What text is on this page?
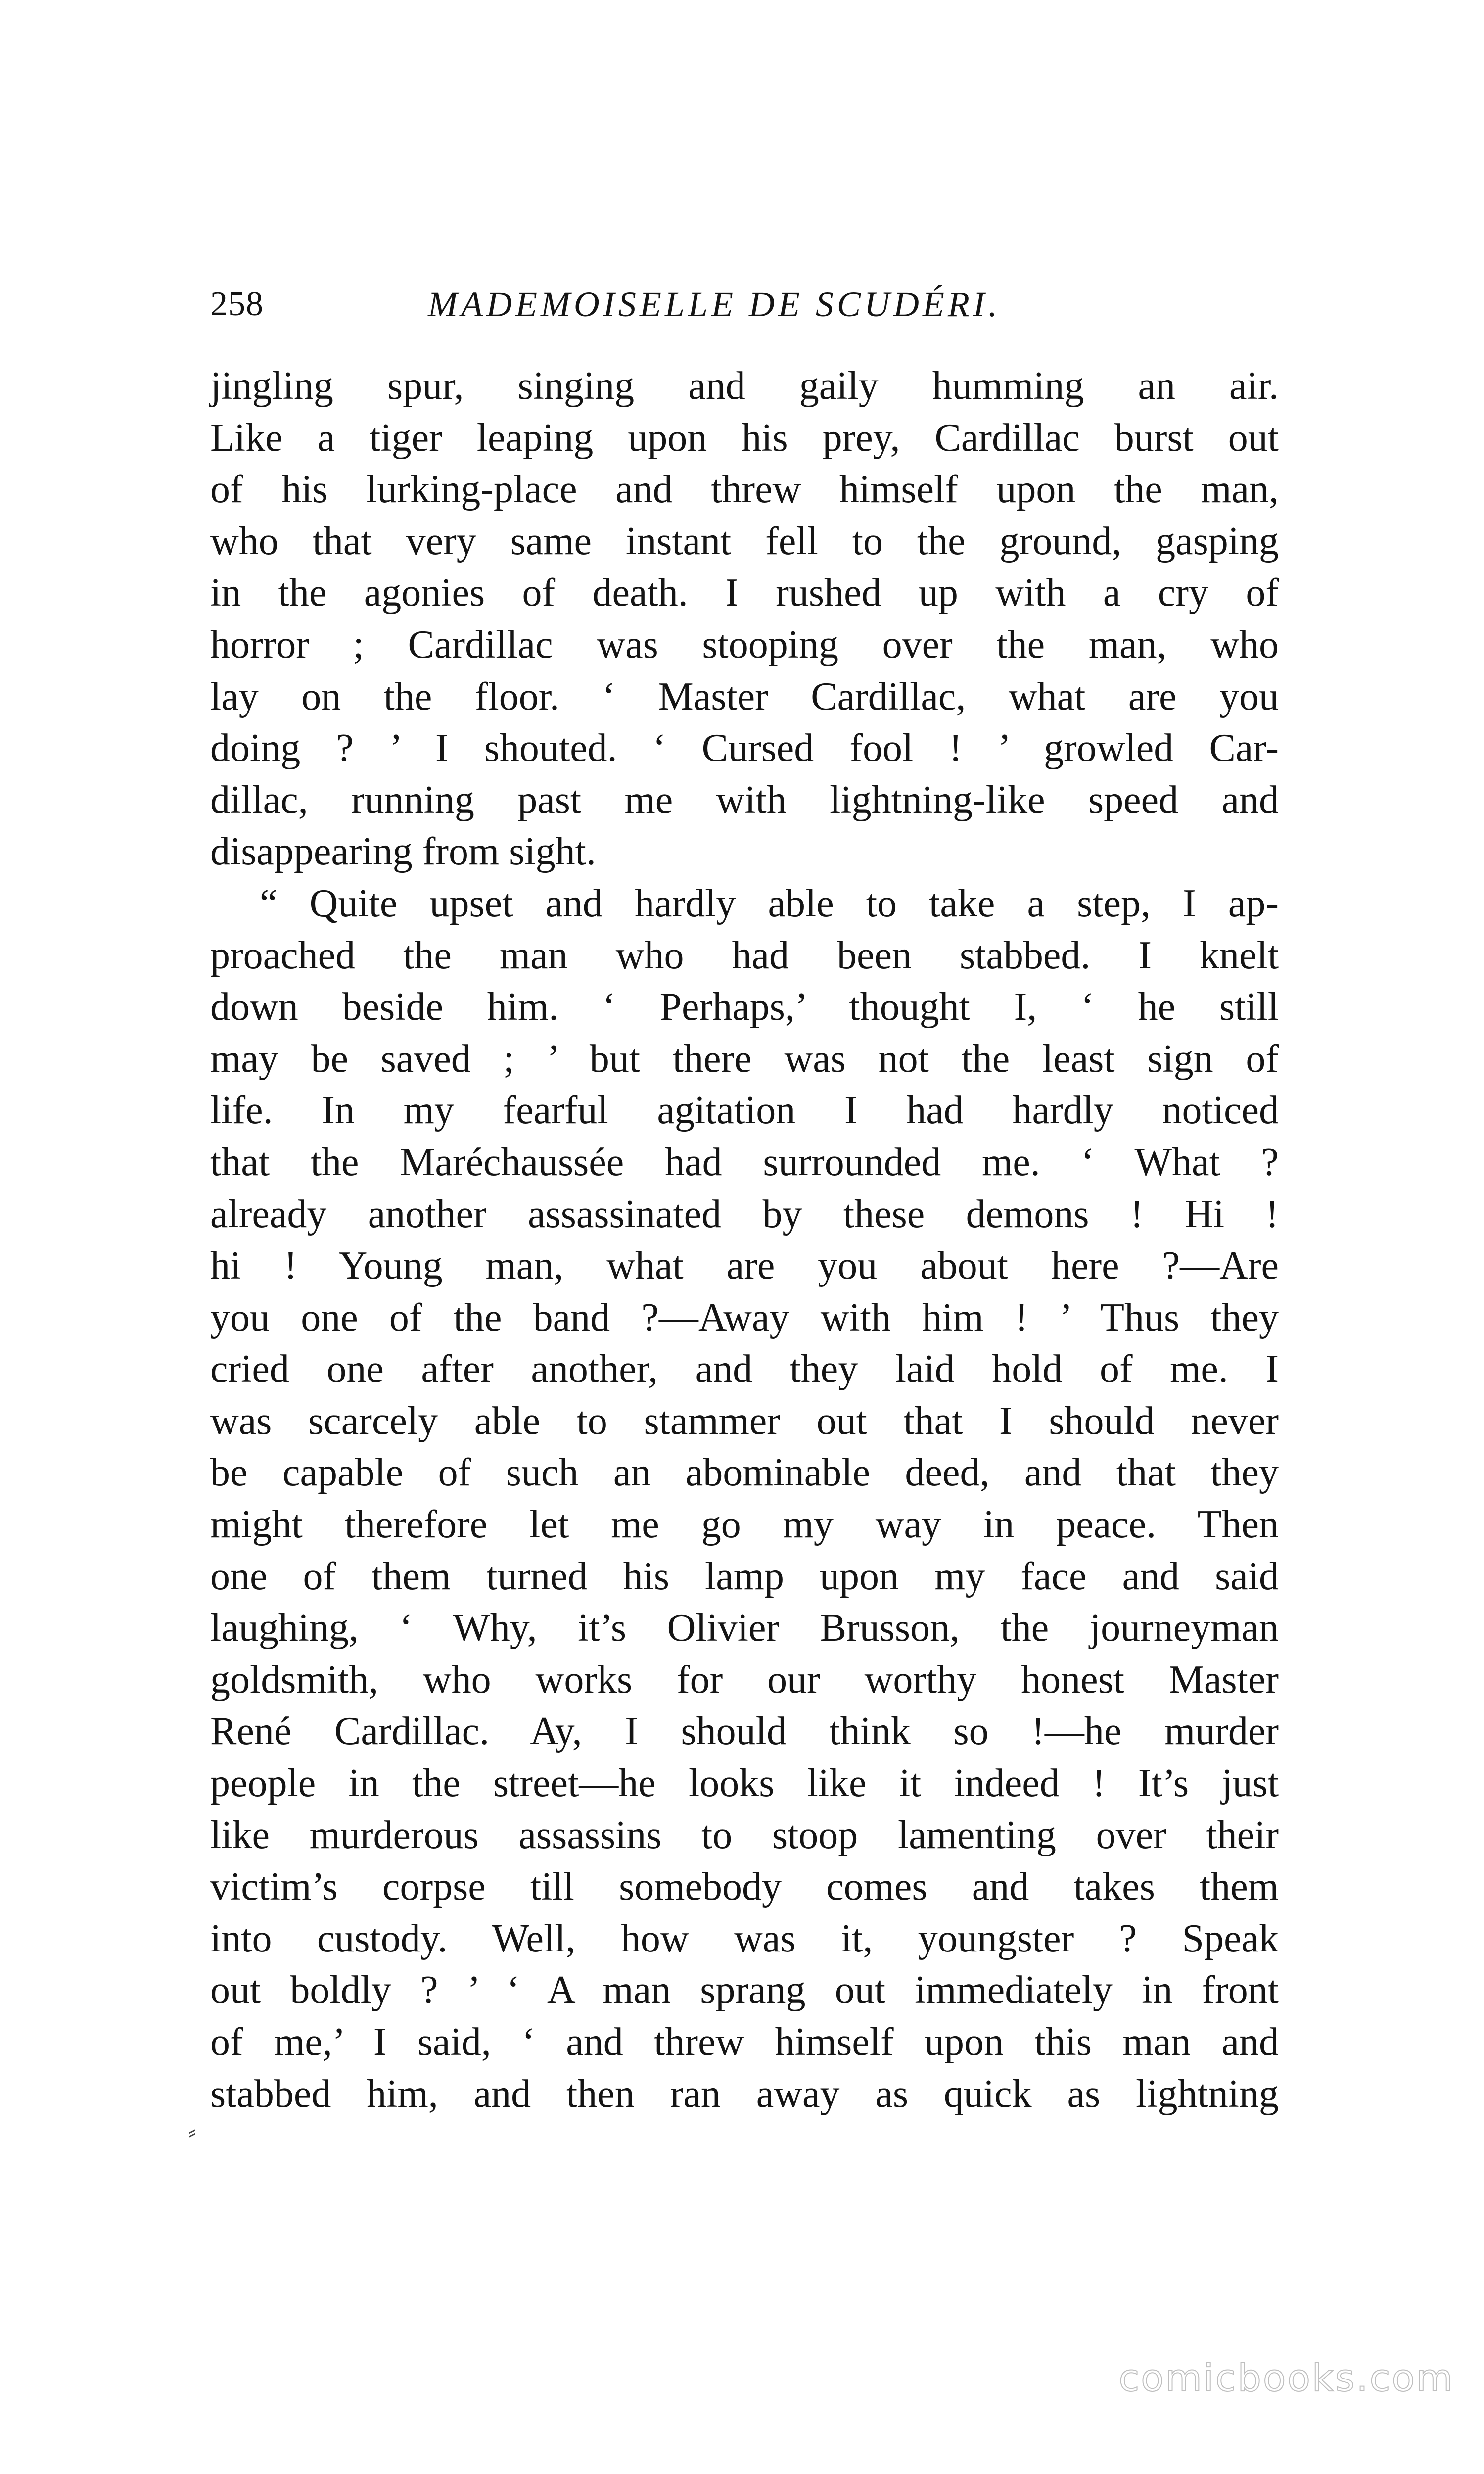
258	MADEMOISELLE DE SCUDÉRI.
jingling spur, singing and gaily humming an air.
Like a tiger leaping upon his prey, Cardillac burst out
of his lurking-place and threw himself upon the man,
who that very same instant fell to the ground, gasping
in the agonies of death. I rushed up with a cry of
horror ; Cardillac was stooping over the man, who
lay on the floor. ‘ Master Cardillac, what are you
doing ? ’ I shouted. ‘ Cursed fool ! ’ growled Car-
dillac, running past me with lightning-like speed and
disappearing from sight.
“ Quite upset and hardly able to take a step, I ap-
proached the man who had been stabbed. I knelt
down beside him. ‘ Perhaps,’ thought I, ‘ he still
may be saved ; ’ but there was not the least sign of
life. In my fearful agitation I had hardly noticed
that the Maréchaussée had surrounded me. ‘ What ?
already another assassinated by these demons ! Hi !
hi ! Young man, what are you about here ?—Are
you one of the band ?—Away with him ! ’ Thus they
cried one after another, and they laid hold of me. I
was scarcely able to stammer out that I should never
be capable of such an abominable deed, and that they
might therefore let me go my way in peace. Then
one of them turned his lamp upon my face and said
laughing, ‘ Why, it’s Olivier Brusson, the journeyman
goldsmith, who works for our worthy honest Master
René Cardillac. Ay, I should think so !—he murder
people in the street—he looks like it indeed ! It’s just
like murderous assassins to stoop lamenting over their
victim’s corpse till somebody comes and takes them
into custody. Well, how was it, youngster ? Speak
out boldly ? ’ ‘ A man sprang out immediately in front
of me,’ I said, ‘ and threw himself upon this man and
stabbed him, and then ran away as quick as lightning
⸗
comicbooks.com
